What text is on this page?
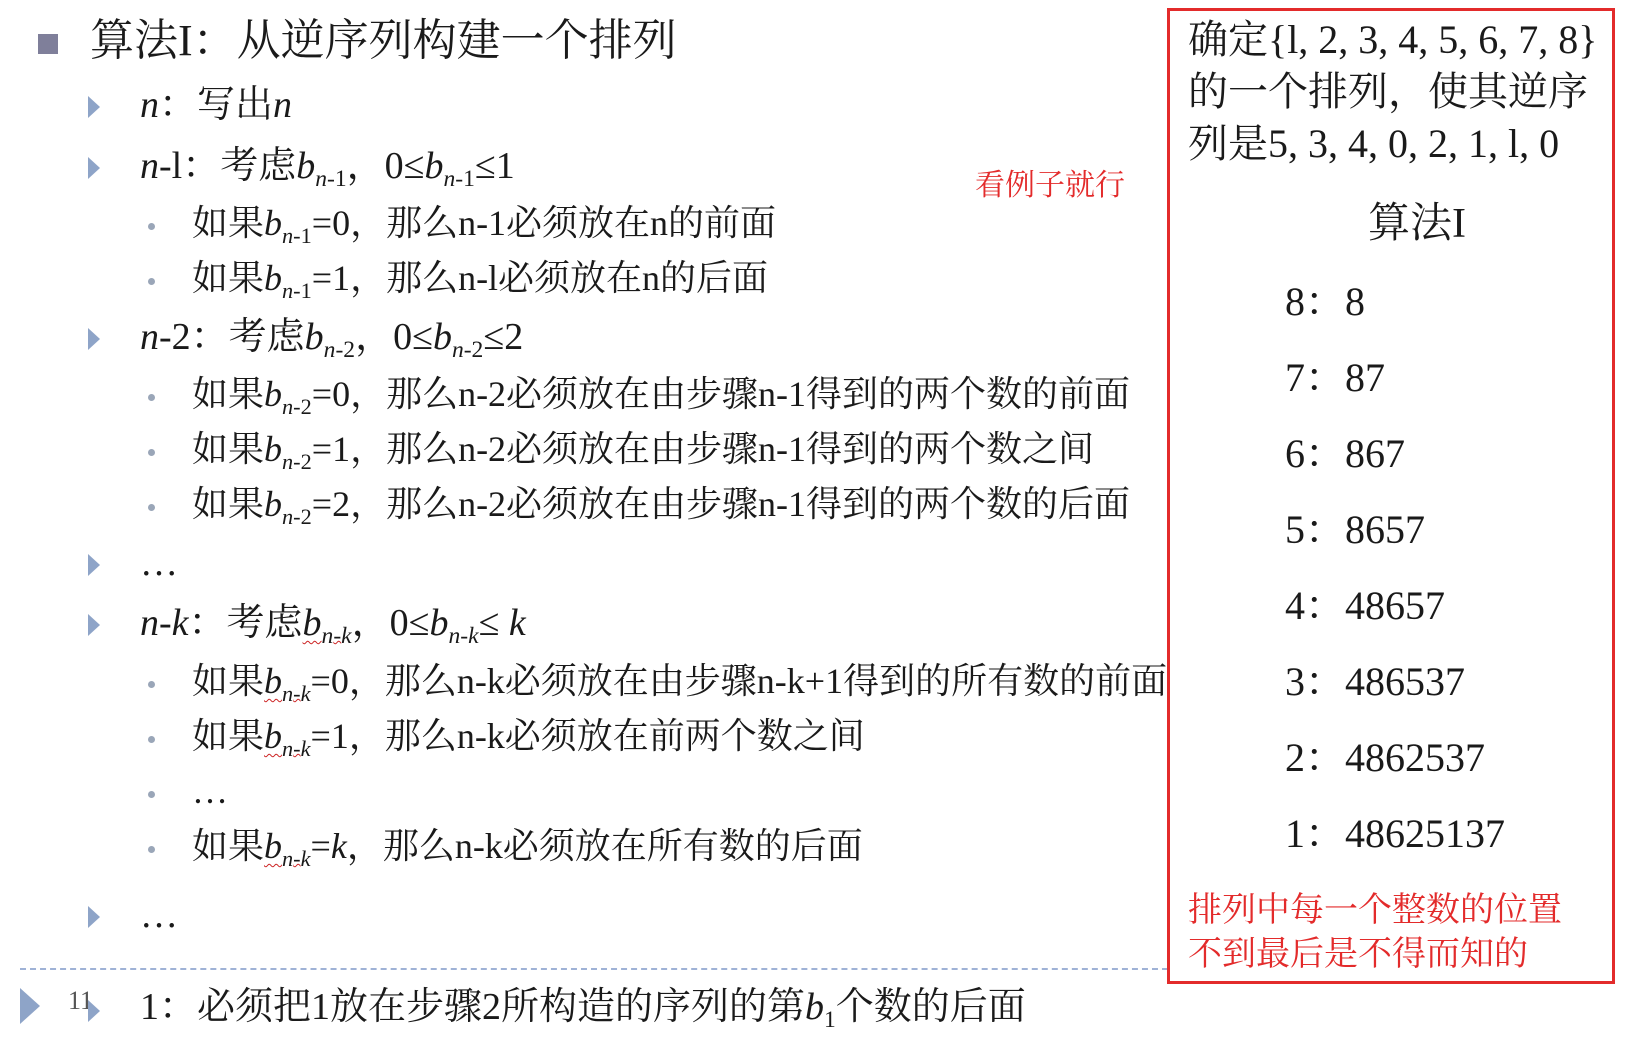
算法I：从逆序列构建一个排列
n：写出n
n-l：考虑$b_{n-1}$，$0\le b_{n-1}\le 1$
如果$b_{n-1}=0$，那么n-1必须放在n的前面
如果$b_{n-1}=1$，那么n-l必须放在n的后面
n-2：考虑$b_{n-2}$，$0\le b_{n-2}\le 2$
如果$b_{n-2}=0$，那么n-2必须放在由步骤n-1得到的两个数的前面
如果$b_{n-2}=1$，那么n-2必须放在由步骤n-1得到的两个数之间
如果$b_{n-2}=2$，那么n-2必须放在由步骤n-1得到的两个数的后面
…
n-k：考虑$b_{n-k}$，$0\le b_{n-k}\le k$
如果$b_{n-k}=0$，那么n-k必须放在由步骤n-k+1得到的所有数的前面
如果$b_{n-k}=1$，那么n-k必须放在前两个数之间
…
如果$b_{n-k}=k$，那么n-k必须放在所有数的后面
…
11 1：必须把1放在步骤2所构造的序列的第$b_1$个数的后面
看例子就行
确定{l, 2, 3, 4, 5, 6, 7, 8}
的一个排列，使其逆序
列是5, 3, 4, 0, 2, 1, l, 0
算法I
8：8
7：87
6：867
5：8657
4：48657
3：486537
2：4862537
1：48625137
排列中每一个整数的位置
不到最后是不得而知的
